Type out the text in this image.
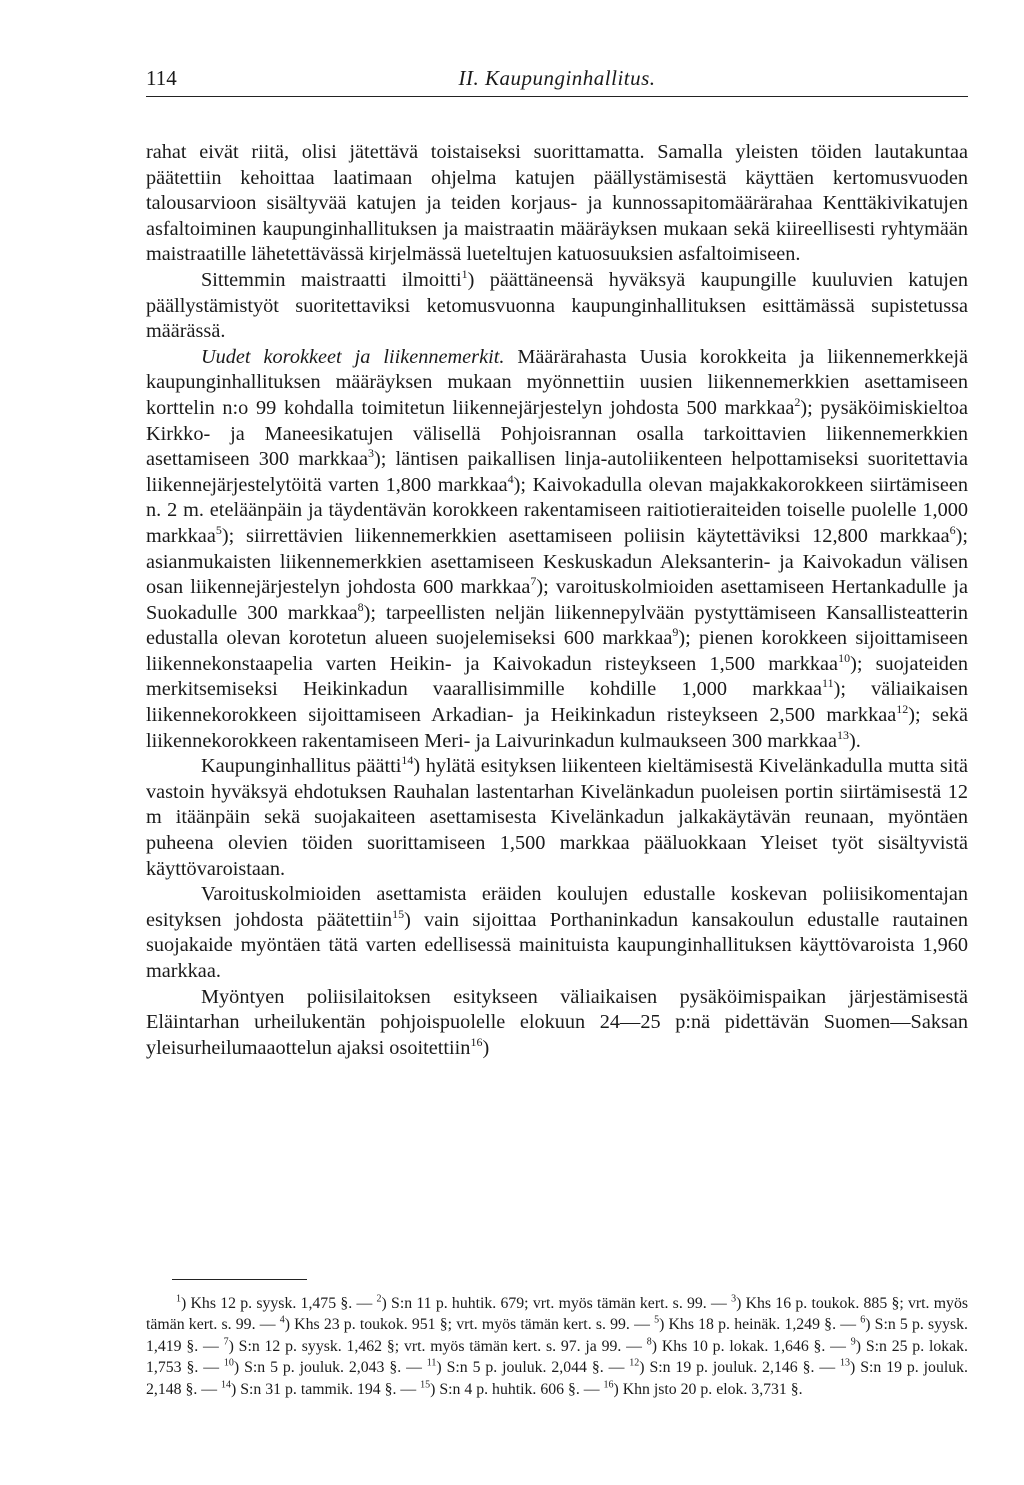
114	II. Kaupunginhallitus.

rahat eivät riitä, olisi jätettävä toistaiseksi suorittamatta. Samalla yleisten töiden lautakuntaa päätettiin kehoittaa laatimaan ohjelma katujen päällystämisestä käyttäen kertomusvuoden talousarvioon sisältyvää katujen ja teiden korjaus- ja kunnossapitomäärärahaa Kenttäkivikatujen asfaltoiminen kaupunginhallituksen ja maistraatin määräyksen mukaan sekä kiireellisesti ryhtymään maistraatille lähetettävässä kirjelmässä lueteltujen katuosuuksien asfaltoimiseen.

Sittemmin maistraatti ilmoitti$^1$) päättäneensä hyväksyä kaupungille kuuluvien katujen päällystämistyöt suoritettaviksi ketomusvuonna kaupunginhallituksen esittämässä supistetussa määrässä.

Uudet korokkeet ja liikennemerkit. Määrärahasta Uusia korokkeita ja liikennemerkkejä kaupunginhallituksen määräyksen mukaan myönnettiin uusien liikennemerkkien asettamiseen korttelin n:o 99 kohdalla toimitetun liikennejärjestelyn johdosta 500 markkaa$^2$); pysäköimiskieltoa Kirkko- ja Maneesikatujen välisellä Pohjoisrannan osalla tarkoittavien liikennemerkkien asettamiseen 300 markkaa$^3$); läntisen paikallisen linja-autoliikenteen helpottamiseksi suoritettavia liikennejärjestelytöitä varten 1,800 markkaa$^4$); Kaivokadulla olevan majakkakorokkeen siirtämiseen n. 2 m. eteläänpäin ja täydentävän korokkeen rakentamiseen raitiotieraiteiden toiselle puolelle 1,000 markkaa$^5$); siirrettävien liikennemerkkien asettamiseen poliisin käytettäviksi 12,800 markkaa$^6$); asianmukaisten liikennemerkkien asettamiseen Keskuskadun Aleksanterin- ja Kaivokadun välisen osan liikennejärjestelyn johdosta 600 markkaa$^7$); varoituskolmioiden asettamiseen Hertankadulle ja Suokadulle 300 markkaa$^8$); tarpeellisten neljän liikennepylvään pystyttämiseen Kansallisteatterin edustalla olevan korotetun alueen suojelemiseksi 600 markkaa$^9$); pienen korokkeen sijoittamiseen liikennekonstaapelia varten Heikin- ja Kaivokadun risteykseen 1,500 markkaa$^{10}$); suojateiden merkitsemiseksi Heikinkadun vaarallisimmille kohdille 1,000 markkaa$^{11}$); väliaikaisen liikennekorokkeen sijoittamiseen Arkadian- ja Heikinkadun risteykseen 2,500 markkaa$^{12}$); sekä liikennekorokkeen rakentamiseen Meri- ja Laivurinkadun kulmaukseen 300 markkaa$^{13}$).

Kaupunginhallitus päätti$^{14}$) hylätä esityksen liikenteen kieltämisestä Kivelänkadulla mutta sitä vastoin hyväksyä ehdotuksen Rauhalan lastentarhan Kivelänkadun puoleisen portin siirtämisestä 12 m itäänpäin sekä suojakaiteen asettamisesta Kivelänkadun jalkakäytävän reunaan, myöntäen puheena olevien töiden suorittamiseen 1,500 markkaa pääluokkaan Yleiset työt sisältyvistä käyttövaroistaan.

Varoituskolmioiden asettamista eräiden koulujen edustalle koskevan poliisikomentajan esityksen johdosta päätettiin$^{15}$) vain sijoittaa Porthaninkadun kansakoulun edustalle rautainen suojakaide myöntäen tätä varten edellisessä mainituista kaupunginhallituksen käyttövaroista 1,960 markkaa.

Myöntyen poliisilaitoksen esitykseen väliaikaisen pysäköimispaikan järjestämisestä Eläintarhan urheilukentän pohjoispuolelle elokuun 24—25 p:nä pidettävän Suomen—Saksan yleisurheilumaaottelun ajaksi osoitettiin$^{16}$)

$^1$) Khs 12 p. syysk. 1,475 §. — $^2$) S:n 11 p. huhtik. 679; vrt. myös tämän kert. s. 99. — $^3$) Khs 16 p. toukok. 885 §; vrt. myös tämän kert. s. 99. — $^4$) Khs 23 p. toukok. 951 §; vrt. myös tämän kert. s. 99. — $^5$) Khs 18 p. heinäk. 1,249 §. — $^6$) S:n 5 p. syysk. 1,419 §. — $^7$) S:n 12 p. syysk. 1,462 §; vrt. myös tämän kert. s. 97. ja 99. — $^8$) Khs 10 p. lokak. 1,646 §. — $^9$) S:n 25 p. lokak. 1,753 §. — $^{10}$) S:n 5 p. jouluk. 2,043 §. — $^{11}$) S:n 5 p. jouluk. 2,044 §. — $^{12}$) S:n 19 p. jouluk. 2,146 §. — $^{13}$) S:n 19 p. jouluk. 2,148 §. — $^{14}$) S:n 31 p. tammik. 194 §. — $^{15}$) S:n 4 p. huhtik. 606 §. — $^{16}$) Khn jsto 20 p. elok. 3,731 §.
